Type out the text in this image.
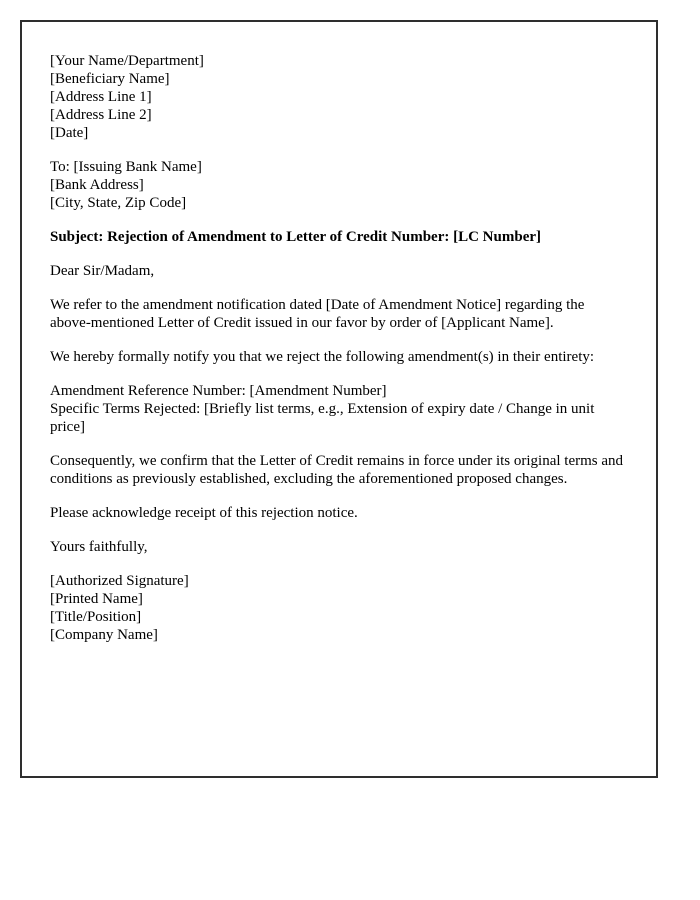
[Your Name/Department]
[Beneficiary Name]
[Address Line 1]
[Address Line 2]
[Date]
To: [Issuing Bank Name]
[Bank Address]
[City, State, Zip Code]

Subject: Rejection of Amendment to Letter of Credit Number: [LC Number]

Dear Sir/Madam,

We refer to the amendment notification dated [Date of Amendment Notice] regarding the above-mentioned Letter of Credit issued in our favor by order of [Applicant Name].

We hereby formally notify you that we reject the following amendment(s) in their entirety:

Amendment Reference Number: [Amendment Number]
Specific Terms Rejected: [Briefly list terms, e.g., Extension of expiry date / Change in unit price]

Consequently, we confirm that the Letter of Credit remains in force under its original terms and conditions as previously established, excluding the aforementioned proposed changes.

Please acknowledge receipt of this rejection notice.

Yours faithfully,

[Authorized Signature]
[Printed Name]
[Title/Position]
[Company Name]
